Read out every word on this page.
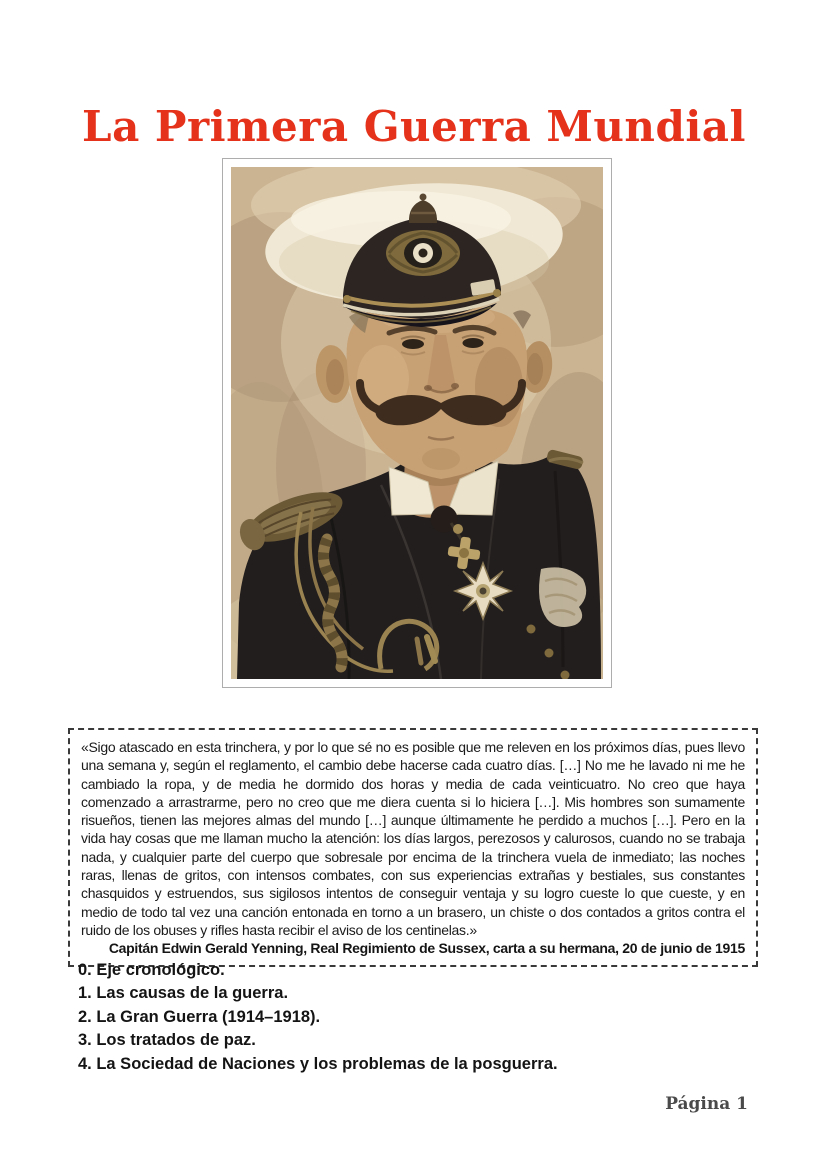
La Primera Guerra Mundial
«Sigo atascado en esta trinchera, y por lo que sé no es posible que me releven en los próximos días, pues llevo una semana y, según el reglamento, el cambio debe hacerse cada cuatro días. […] No me he lavado ni me he cambiado la ropa, y de media he dormido dos horas y media de cada veinticuatro. No creo que haya comenzado a arrastrarme, pero no creo que me diera cuenta si lo hiciera […]. Mis hombres son sumamente risueños, tienen las mejores almas del mundo […] aunque últimamente he perdido a muchos […]. Pero en la vida hay cosas que me llaman mucho la atención: los días largos, perezosos y calurosos, cuando no se trabaja nada, y cualquier parte del cuerpo que sobresale por encima de la trinchera vuela de inmediato; las noches raras, llenas de gritos, con intensos combates, con sus experiencias extrañas y bestiales, sus constantes chasquidos y estruendos, sus sigilosos intentos de conseguir ventaja y su logro cueste lo que cueste, y en medio de todo tal vez una canción entonada en torno a un brasero, un chiste o dos contados a gritos contra el ruido de los obuses y rifles hasta recibir el aviso de los centinelas.»
Capitán Edwin Gerald Yenning, Real Regimiento de Sussex, carta a su hermana, 20 de junio de 1915
0. Eje cronológico.
1. Las causas de la guerra.
2. La Gran Guerra (1914–1918).
3. Los tratados de paz.
4. La Sociedad de Naciones y los problemas de la posguerra.
Página 1
